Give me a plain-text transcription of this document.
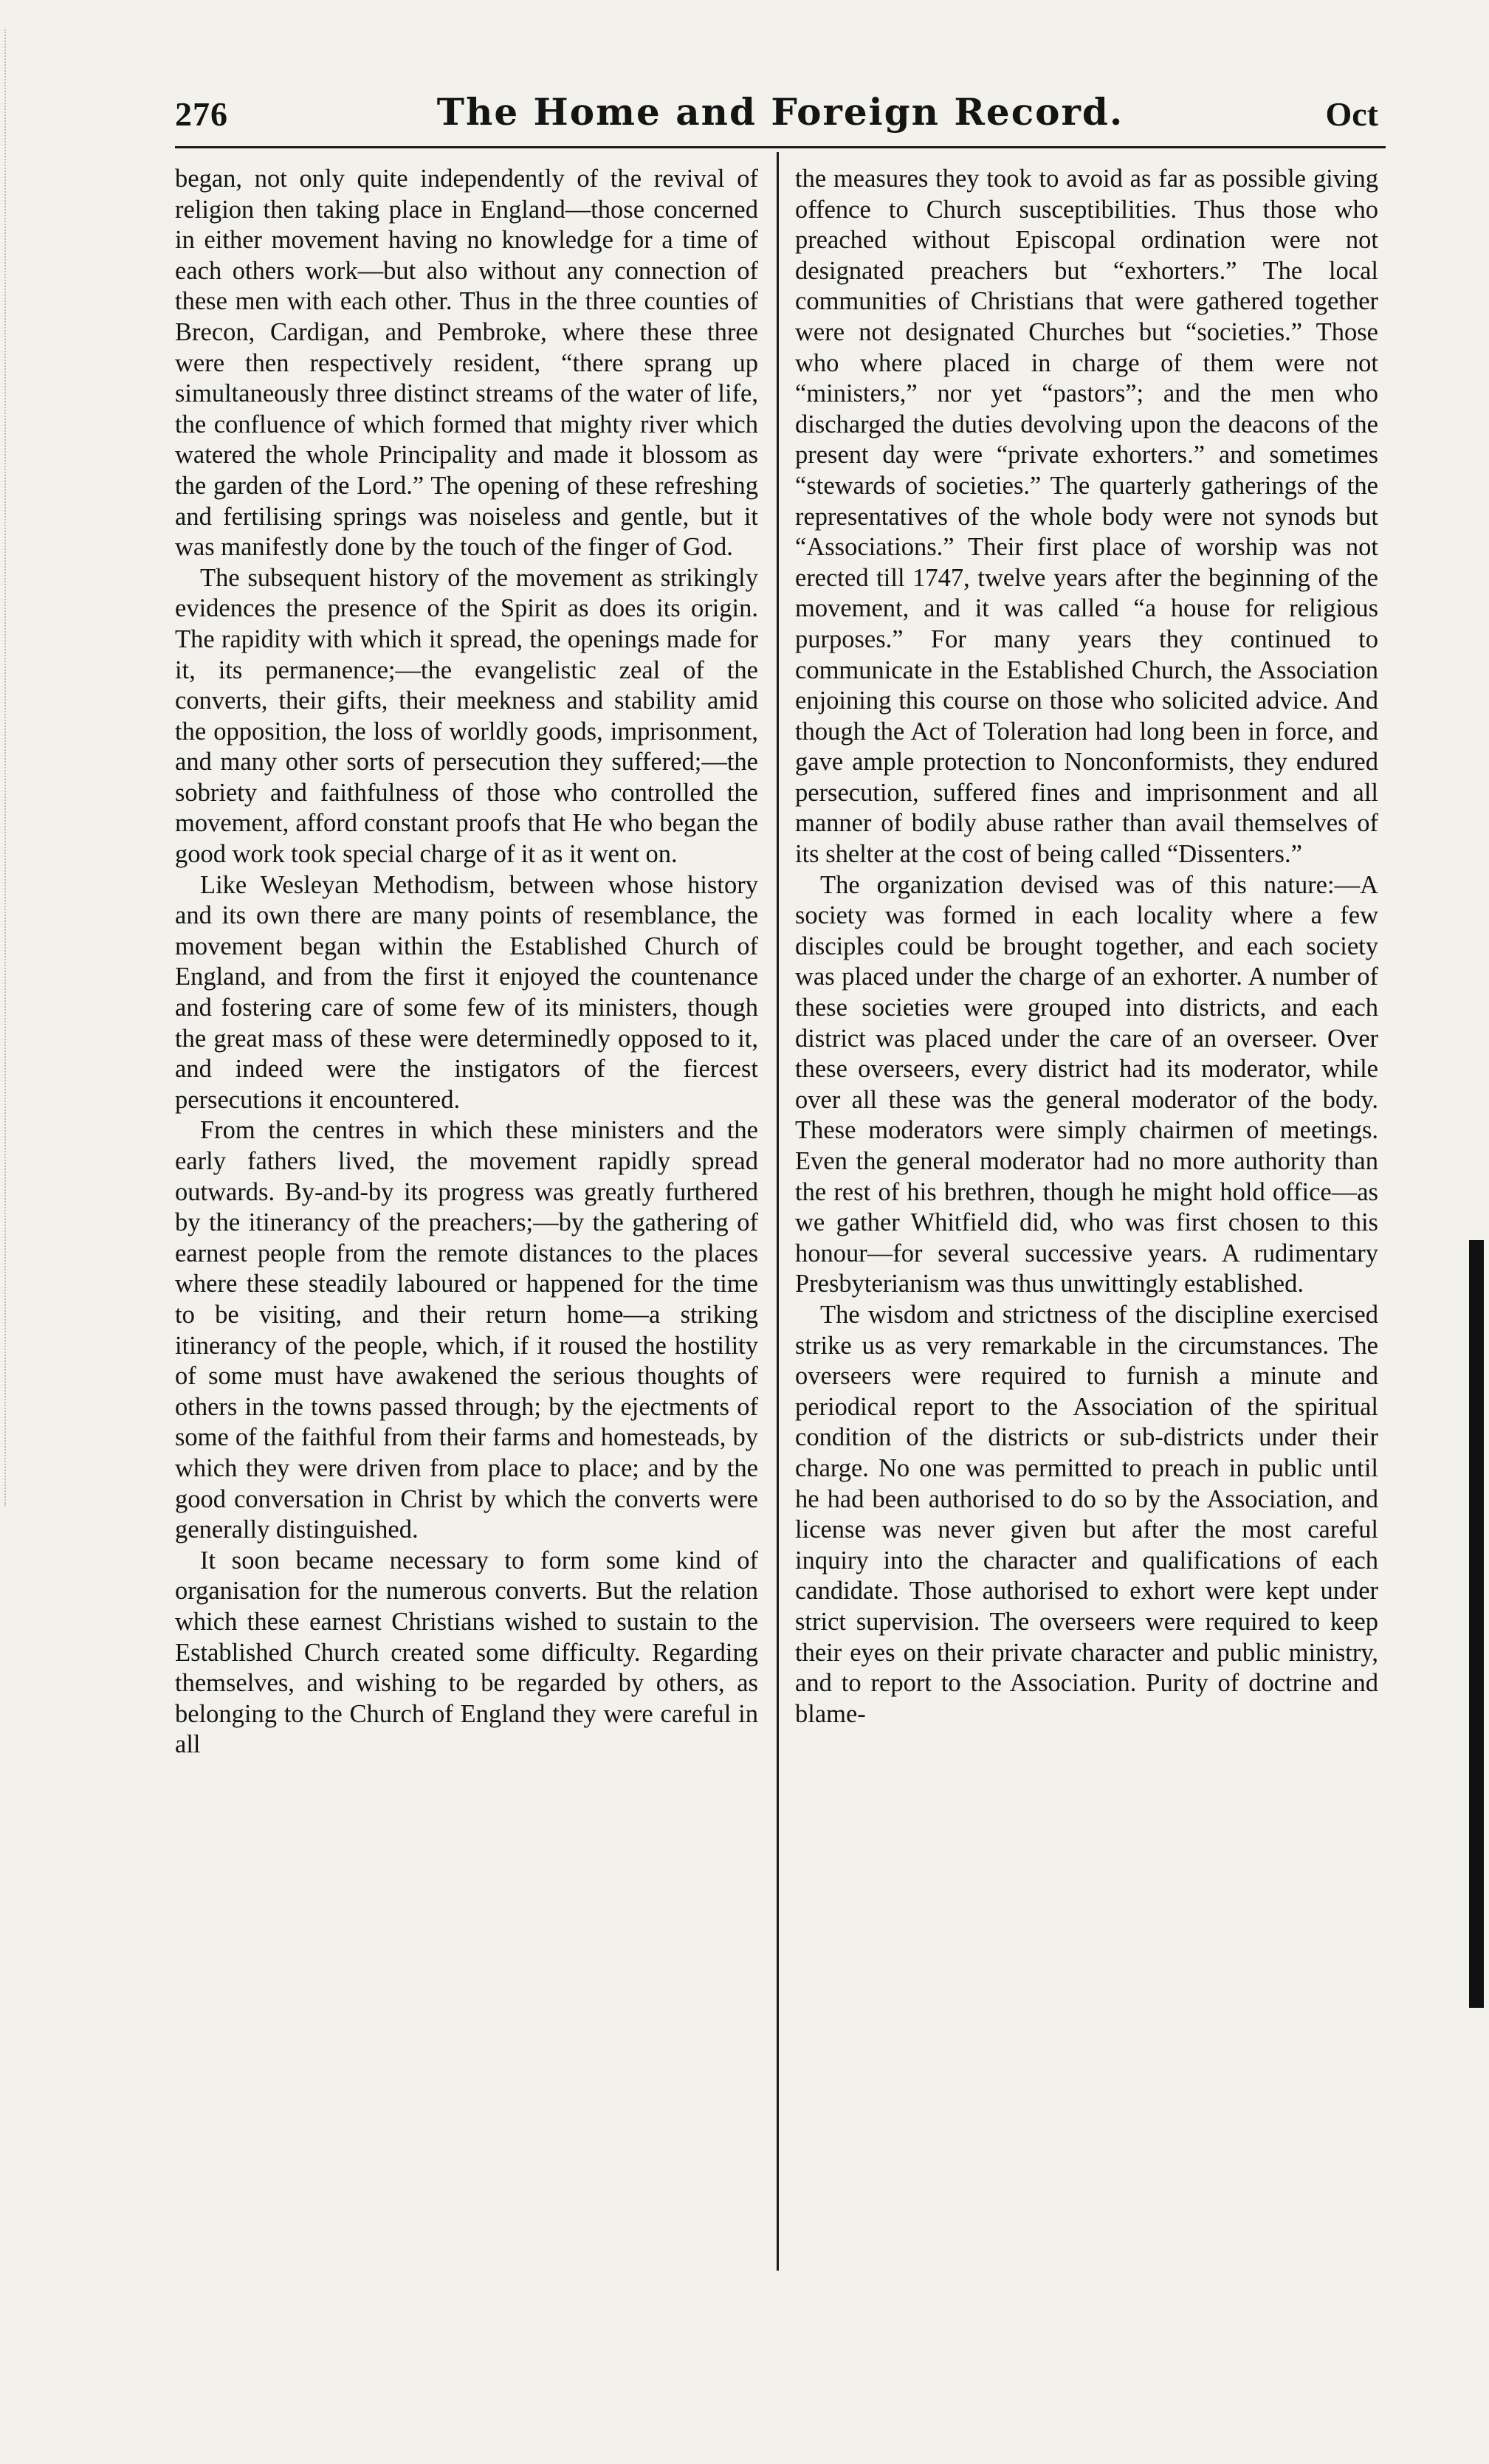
276	The Home and Foreign Record.	Oct

began, not only quite independently of the revival of religion then taking place in England—those concerned in either movement having no knowledge for a time of each others work—but also without any connection of these men with each other. Thus in the three counties of Brecon, Cardigan, and Pembroke, where these three were then respectively resident, “there sprang up simultaneously three distinct streams of the water of life, the confluence of which formed that mighty river which watered the whole Principality and made it blossom as the garden of the Lord.” The opening of these refreshing and fertilising springs was noiseless and gentle, but it was manifestly done by the touch of the finger of God.

The subsequent history of the movement as strikingly evidences the presence of the Spirit as does its origin. The rapidity with which it spread, the openings made for it, its permanence;—the evangelistic zeal of the converts, their gifts, their meekness and stability amid the opposition, the loss of worldly goods, imprisonment, and many other sorts of persecution they suffered;—the sobriety and faithfulness of those who controlled the movement, afford constant proofs that He who began the good work took special charge of it as it went on.

Like Wesleyan Methodism, between whose history and its own there are many points of resemblance, the movement began within the Established Church of England, and from the first it enjoyed the countenance and fostering care of some few of its ministers, though the great mass of these were determinedly opposed to it, and indeed were the instigators of the fiercest persecutions it encountered.

From the centres in which these ministers and the early fathers lived, the movement rapidly spread outwards. By-and-by its progress was greatly furthered by the itinerancy of the preachers;—by the gathering of earnest people from the remote distances to the places where these steadily laboured or happened for the time to be visiting, and their return home—a striking itinerancy of the people, which, if it roused the hostility of some must have awakened the serious thoughts of others in the towns passed through; by the ejectments of some of the faithful from their farms and homesteads, by which they were driven from place to place; and by the good conversation in Christ by which the converts were generally distinguished.

It soon became necessary to form some kind of organisation for the numerous converts. But the relation which these earnest Christians wished to sustain to the Established Church created some difficulty. Regarding themselves, and wishing to be regarded by others, as belonging to the Church of England they were careful in all

the measures they took to avoid as far as possible giving offence to Church susceptibilities. Thus those who preached without Episcopal ordination were not designated preachers but “exhorters.” The local communities of Christians that were gathered together were not designated Churches but “societies.” Those who where placed in charge of them were not “ministers,” nor yet “pastors”; and the men who discharged the duties devolving upon the deacons of the present day were “private exhorters.” and sometimes “stewards of societies.” The quarterly gatherings of the representatives of the whole body were not synods but “Associations.” Their first place of worship was not erected till 1747, twelve years after the beginning of the movement, and it was called “a house for religious purposes.” For many years they continued to communicate in the Established Church, the Association enjoining this course on those who solicited advice. And though the Act of Toleration had long been in force, and gave ample protection to Nonconformists, they endured persecution, suffered fines and imprisonment and all manner of bodily abuse rather than avail themselves of its shelter at the cost of being called “Dissenters.”

The organization devised was of this nature:—A society was formed in each locality where a few disciples could be brought together, and each society was placed under the charge of an exhorter. A number of these societies were grouped into districts, and each district was placed under the care of an overseer. Over these overseers, every district had its moderator, while over all these was the general moderator of the body. These moderators were simply chairmen of meetings. Even the general moderator had no more authority than the rest of his brethren, though he might hold office—as we gather Whitfield did, who was first chosen to this honour—for several successive years. A rudimentary Presbyterianism was thus unwittingly established.

The wisdom and strictness of the discipline exercised strike us as very remarkable in the circumstances. The overseers were required to furnish a minute and periodical report to the Association of the spiritual condition of the districts or sub-districts under their charge. No one was permitted to preach in public until he had been authorised to do so by the Association, and license was never given but after the most careful inquiry into the character and qualifications of each candidate. Those authorised to exhort were kept under strict supervision. The overseers were required to keep their eyes on their private character and public ministry, and to report to the Association. Purity of doctrine and blame-
